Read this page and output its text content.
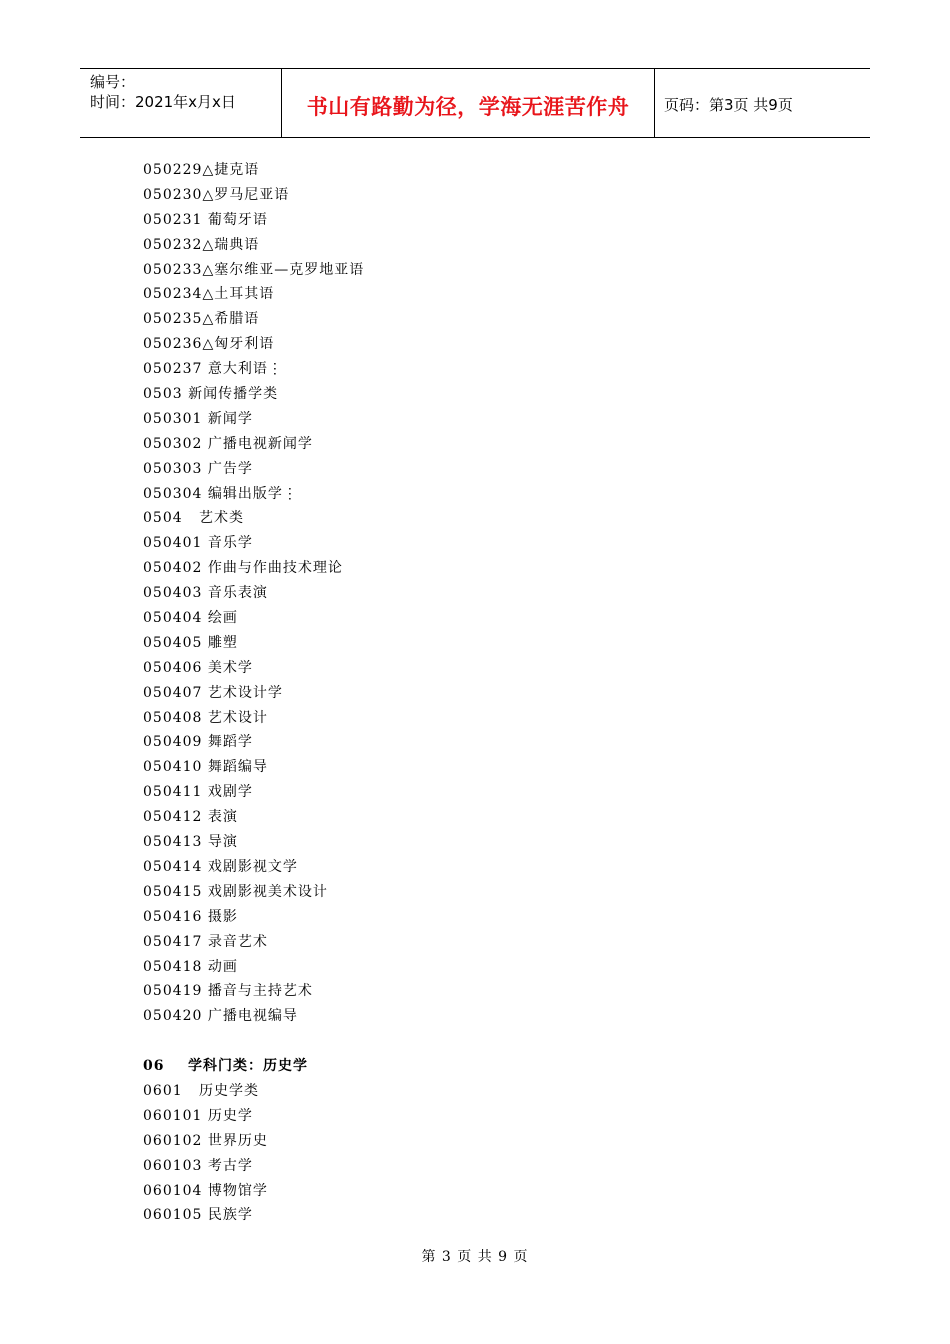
编号：
时间：2021年x月x日	书山有路勤为径，学海无涯苦作舟	页码：第3页 共9页
050229△捷克语
050230△罗马尼亚语
050231 葡萄牙语
050232△瑞典语
050233△塞尔维亚—克罗地亚语
050234△土耳其语
050235△希腊语
050236△匈牙利语
050237 意大利语⋮
0503 新闻传播学类
050301 新闻学
050302 广播电视新闻学
050303 广告学
050304 编辑出版学⋮
0504   艺术类
050401 音乐学
050402 作曲与作曲技术理论
050403 音乐表演
050404 绘画
050405 雕塑
050406 美术学
050407 艺术设计学
050408 艺术设计
050409 舞蹈学
050410 舞蹈编导
050411 戏剧学
050412 表演
050413 导演
050414 戏剧影视文学
050415 戏剧影视美术设计
050416 摄影
050417 录音艺术
050418 动画
050419 播音与主持艺术
050420 广播电视编导
06    学科门类：历史学
0601   历史学类
060101 历史学
060102 世界历史
060103 考古学
060104 博物馆学
060105 民族学
第 3 页 共 9 页
